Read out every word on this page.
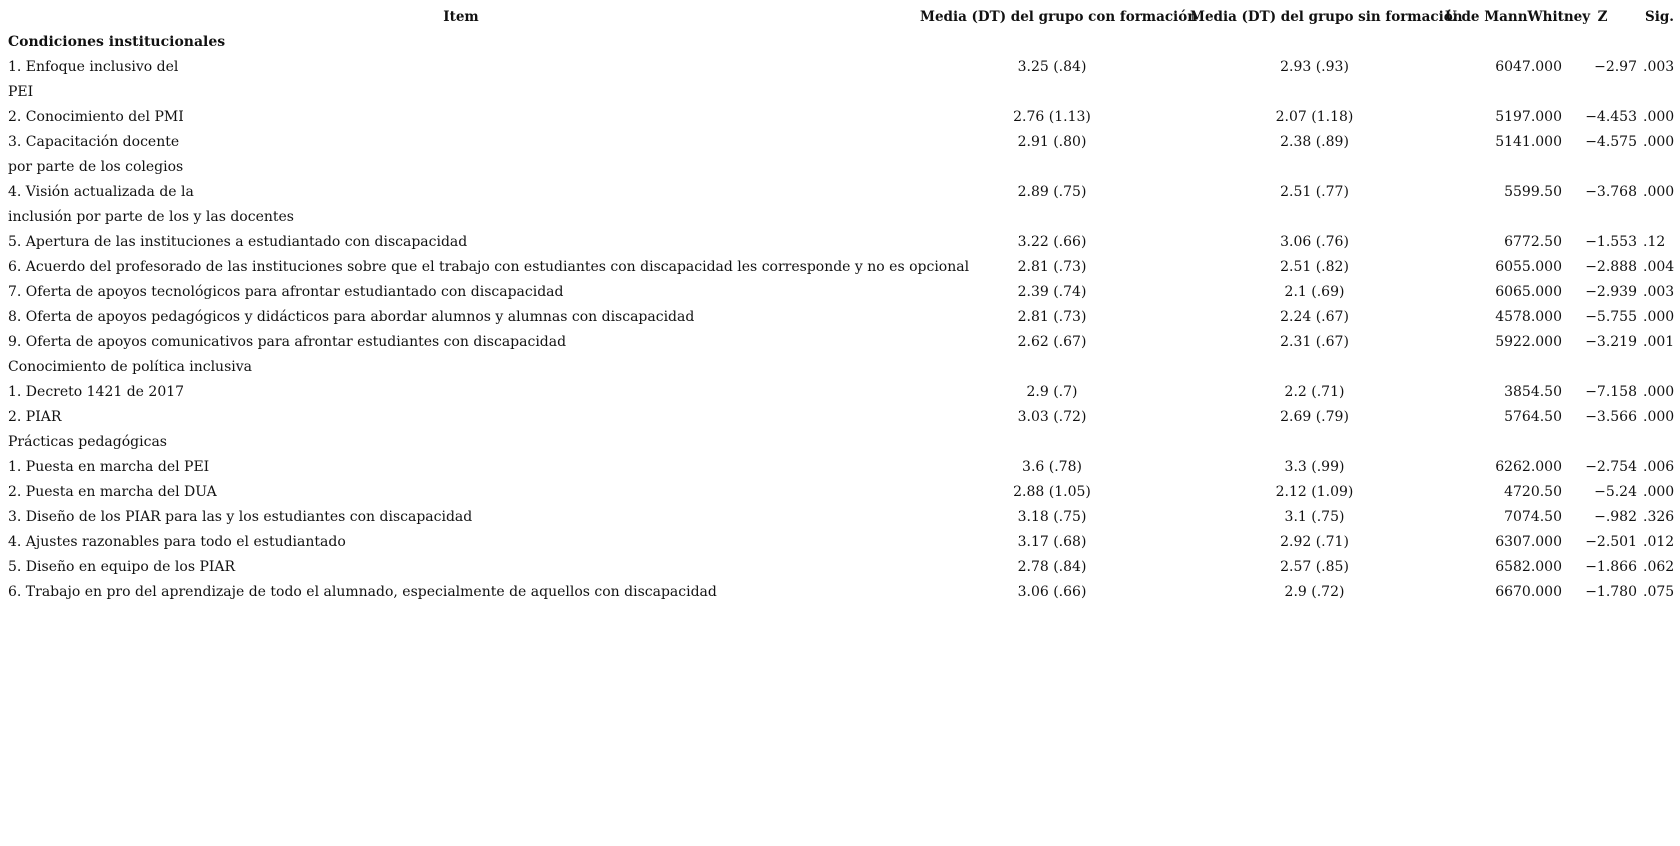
Item	Media (DT) del grupo con formación	Media (DT) del grupo sin formación	U de MannWhitney	Z	Sig.
Condiciones institucionales					
1. Enfoque inclusivo del	3.25 (.84)	2.93 (.93)	6047.000	−2.97	.003
PEI					
2. Conocimiento del PMI	2.76 (1.13)	2.07 (1.18)	5197.000	−4.453	.000
3. Capacitación docente	2.91 (.80)	2.38 (.89)	5141.000	−4.575	.000
por parte de los colegios					
4. Visión actualizada de la	2.89 (.75)	2.51 (.77)	5599.50	−3.768	.000
inclusión por parte de los y las docentes					
5. Apertura de las instituciones a estudiantado con discapacidad	3.22 (.66)	3.06 (.76)	6772.50	−1.553	.12
6. Acuerdo del profesorado de las instituciones sobre que el trabajo con estudiantes con discapacidad les corresponde y no es opcional	2.81 (.73)	2.51 (.82)	6055.000	−2.888	.004
7. Oferta de apoyos tecnológicos para afrontar estudiantado con discapacidad	2.39 (.74)	2.1 (.69)	6065.000	−2.939	.003
8. Oferta de apoyos pedagógicos y didácticos para abordar alumnos y alumnas con discapacidad	2.81 (.73)	2.24 (.67)	4578.000	−5.755	.000
9. Oferta de apoyos comunicativos para afrontar estudiantes con discapacidad	2.62 (.67)	2.31 (.67)	5922.000	−3.219	.001
Conocimiento de política inclusiva					
1. Decreto 1421 de 2017	2.9 (.7)	2.2 (.71)	3854.50	−7.158	.000
2. PIAR	3.03 (.72)	2.69 (.79)	5764.50	−3.566	.000
Prácticas pedagógicas					
1. Puesta en marcha del PEI	3.6 (.78)	3.3 (.99)	6262.000	−2.754	.006
2. Puesta en marcha del DUA	2.88 (1.05)	2.12 (1.09)	4720.50	−5.24	.000
3. Diseño de los PIAR para las y los estudiantes con discapacidad	3.18 (.75)	3.1 (.75)	7074.50	−.982	.326
4. Ajustes razonables para todo el estudiantado	3.17 (.68)	2.92 (.71)	6307.000	−2.501	.012
5. Diseño en equipo de los PIAR	2.78 (.84)	2.57 (.85)	6582.000	−1.866	.062
6. Trabajo en pro del aprendizaje de todo el alumnado, especialmente de aquellos con discapacidad	3.06 (.66)	2.9 (.72)	6670.000	−1.780	.075
